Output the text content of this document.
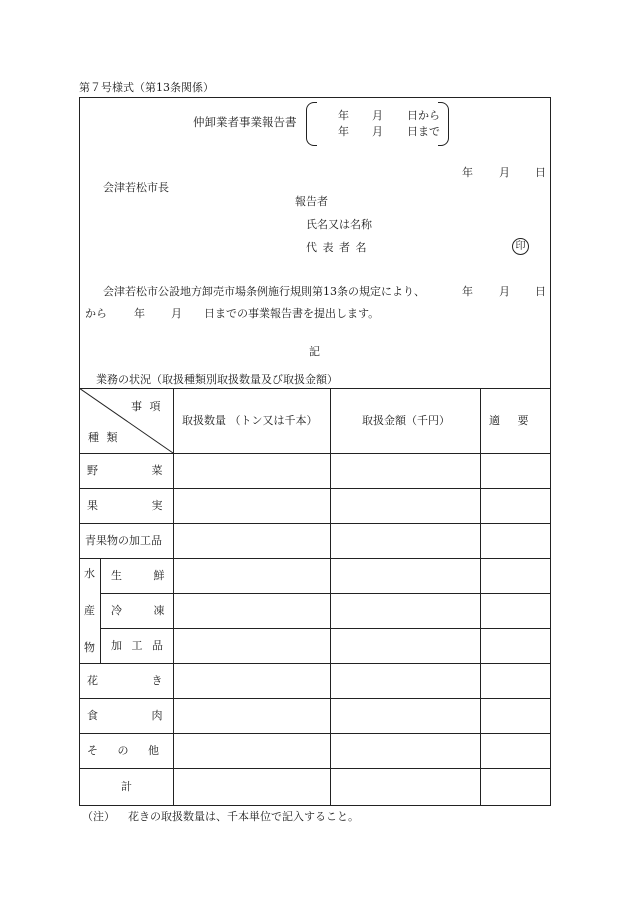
第７号様式（第13条関係）
仲卸業者事業報告書	年 月 日から
年 月 日まで
年 月 日
会津若松市長
報告者
氏名又は名称
代 表 者 名	印
会津若松市公設地方卸売市場条例施行規則第13条の規定により、	年 月 日
から 年 月 日までの事業報告書を提出します。
記
業務の状況（取扱種類別取扱数量及び取扱金額）
事 項
種 類
取扱数量 （トン又は千本）	取扱金額（千円）	適 要
野 菜
果 実
青果物の加工品
水
産
物
生 鮮
冷 凍
加 工 品
花 き
食 肉
そ の 他
計
（注） 花きの取扱数量は、千本単位で記入すること。
